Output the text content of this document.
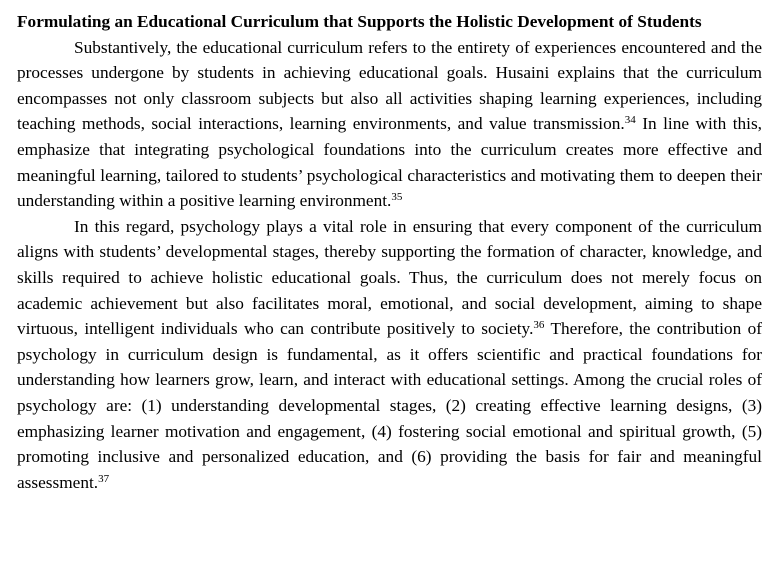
Formulating an Educational Curriculum that Supports the Holistic Development of Students

Substantively, the educational curriculum refers to the entirety of experiences encountered and the processes undergone by students in achieving educational goals. Husaini explains that the curriculum encompasses not only classroom subjects but also all activities shaping learning experiences, including teaching methods, social interactions, learning environments, and value transmission.$^{34}$ In line with this, emphasize that integrating psychological foundations into the curriculum creates more effective and meaningful learning, tailored to students’ psychological characteristics and motivating them to deepen their understanding within a positive learning environment.$^{35}$

In this regard, psychology plays a vital role in ensuring that every component of the curriculum aligns with students’ developmental stages, thereby supporting the formation of character, knowledge, and skills required to achieve holistic educational goals. Thus, the curriculum does not merely focus on academic achievement but also facilitates moral, emotional, and social development, aiming to shape virtuous, intelligent individuals who can contribute positively to society.$^{36}$ Therefore, the contribution of psychology in curriculum design is fundamental, as it offers scientific and practical foundations for understanding how learners grow, learn, and interact with educational settings. Among the crucial roles of psychology are: (1) understanding developmental stages, (2) creating effective learning designs, (3) emphasizing learner motivation and engagement, (4) fostering social emotional and spiritual growth, (5) promoting inclusive and personalized education, and (6) providing the basis for fair and meaningful assessment.$^{37}$
